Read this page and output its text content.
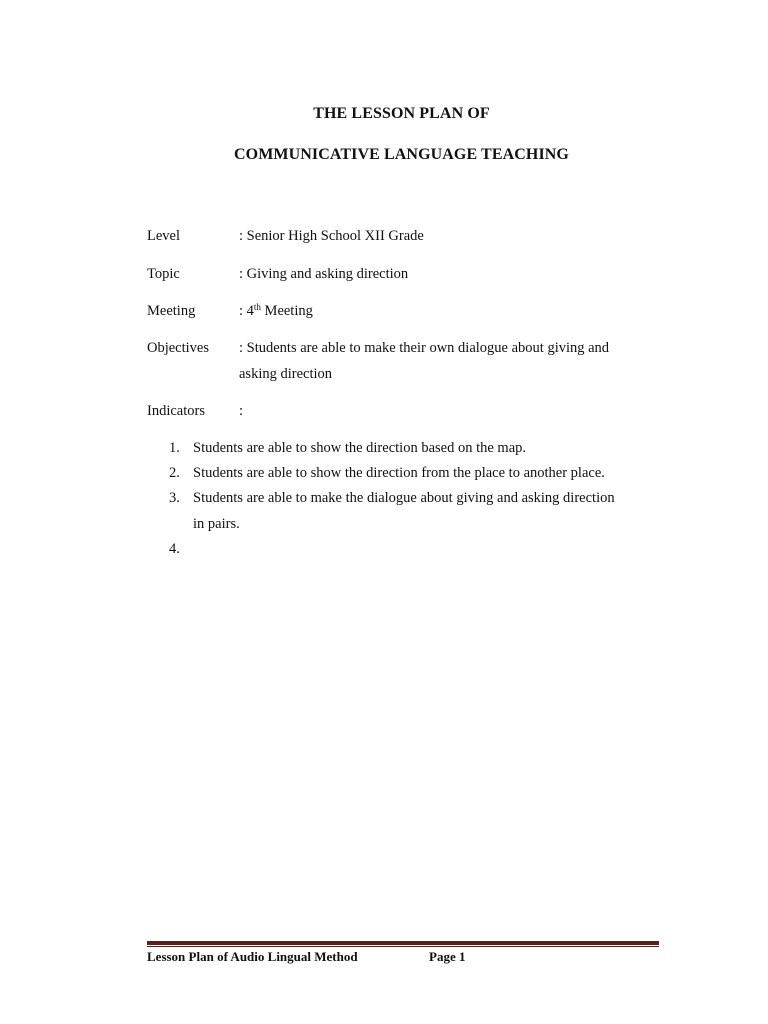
THE LESSON PLAN OF
COMMUNICATIVE LANGUAGE TEACHING
Level	: Senior High School XII Grade
Topic	: Giving and asking direction
Meeting	: 4th Meeting
Objectives : Students are able to make their own dialogue about giving and
asking direction
Indicators :
1. Students are able to show the direction based on the map.
2. Students are able to show the direction from the place to another place.
3. Students are able to make the dialogue about giving and asking direction
in pairs.
4.
Lesson Plan of Audio Lingual Method	Page 1
